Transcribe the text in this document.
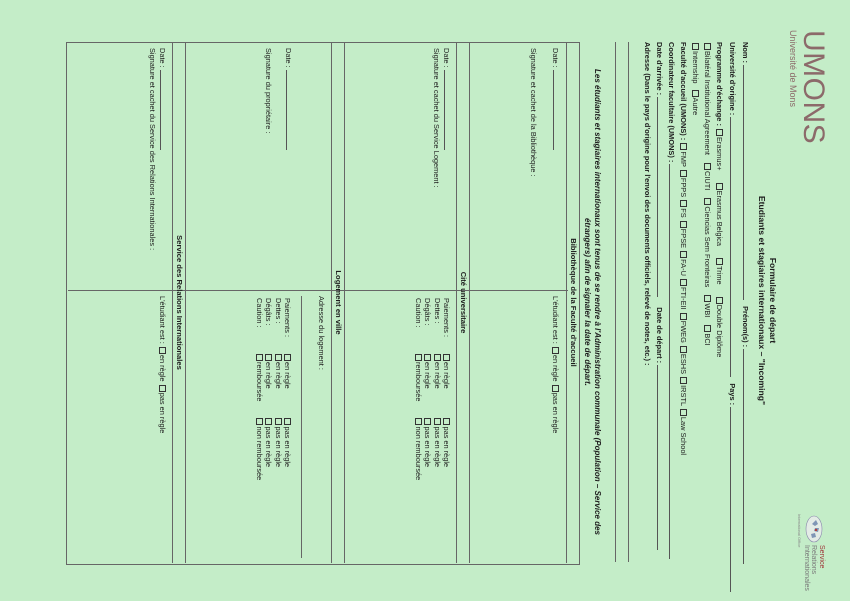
UMONS
Université de Mons
Service
Relations
Internationales
International Office
Formulaire de départ
Etudiants et stagiaires internationaux – "Incoming"
Nom :  Prénom(s) :
Université d'origine :  Pays :
Programme d'échange : Erasmus+ Erasmus Belgica Trime Double Diplôme
Bilatéral Institutional Agreement CIUTI Ciencias Sem Fronteiras WBI BCI
Internship Autre
Faculté d'accueil (UMONS) : FMP FPPS FS FPSE FA-U FTI-EII FWEG ESHS IRSTL Law School
Coordinateur facultaire (UMONS) :
Date d'arrivée :  Date de départ :
Adresse (Dans le pays d'origine pour l'envoi des documents officiels, relevé de notes, etc.) :
Les étudiants et stagiaires internationaux sont tenus de se rendre à l'Administration communale (Population – Service des étrangers) afin de signaler la date de départ.
Bibliothèque de la Faculté d'accueil
Date :
Signature et cachet de la Bibliothèque :
L'étudiant est : en règle pas en règle
Cité universitaire
Date :
Signature et cachet du Service Logement :
Paiements :	en règle	pas en règle
Dettes :	en règle	pas en règle
Dégâts :	en règle	pas en règle
Caution :	remboursée	non remboursée
Logement en ville
Adresse du logement :
Date :
Signature du propriétaire :
Paiements :	en règle	pas en règle
Dettes :	en règle	pas en règle
Dégâts :	en règle	pas en règle
Caution :	remboursée	non remboursée
Service des Relations Internationales
Date :
Signature et cachet du Service des Relations Internationales :
L'étudiant est : en règle pas en règle
